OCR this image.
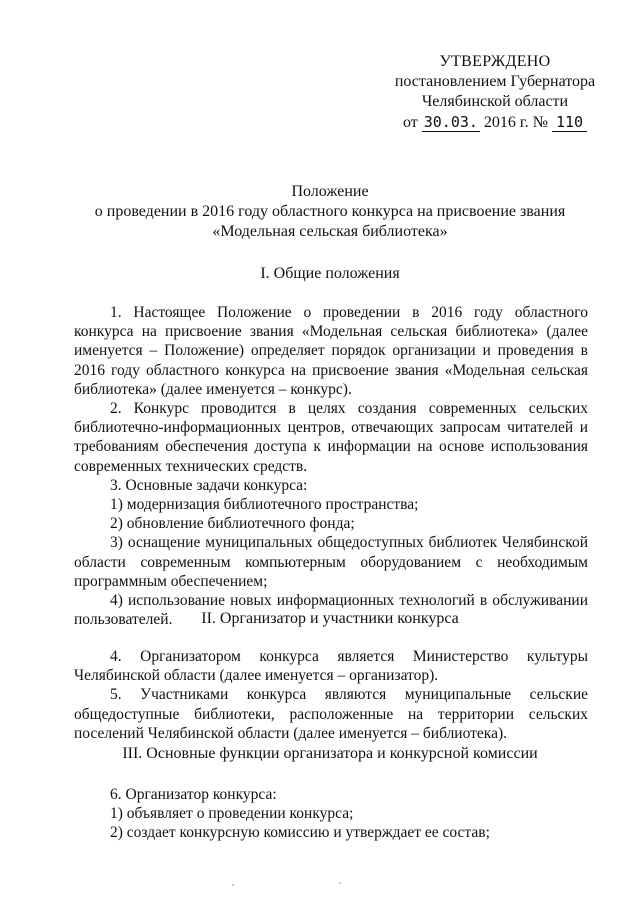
УТВЕРЖДЕНО
постановлением Губернатора
Челябинской области
от 30.03. 2016 г. № 110
Положение
о проведении в 2016 году областного конкурса на присвоение звания
«Модельная сельская библиотека»
I. Общие положения

1. Настоящее Положение о проведении в 2016 году областного конкурса на присвоение звания «Модельная сельская библиотека» (далее именуется – Положение) определяет порядок организации и проведения в 2016 году областного конкурса на присвоение звания «Модельная сельская библиотека» (далее именуется – конкурс).

2. Конкурс проводится в целях создания современных сельских библиотечно-информационных центров, отвечающих запросам читателей и требованиям обеспечения доступа к информации на основе использования современных технических средств.

3. Основные задачи конкурса:

1) модернизация библиотечного пространства;

2) обновление библиотечного фонда;

3) оснащение муниципальных общедоступных библиотек Челябинской области современным компьютерным оборудованием с необходимым программным обеспечением;

4) использование новых информационных технологий в обслуживании пользователей.	II. Организатор и участники конкурса

4. Организатором конкурса является Министерство культуры Челябинской области (далее именуется – организатор).

5. Участниками конкурса являются муниципальные сельские общедоступные библиотеки, расположенные на территории сельских поселений Челябинской области (далее именуется – библиотека).

III. Основные функции организатора и конкурсной комиссии

6. Организатор конкурса:

1) объявляет о проведении конкурса;

2) создает конкурсную комиссию и утверждает ее состав;
